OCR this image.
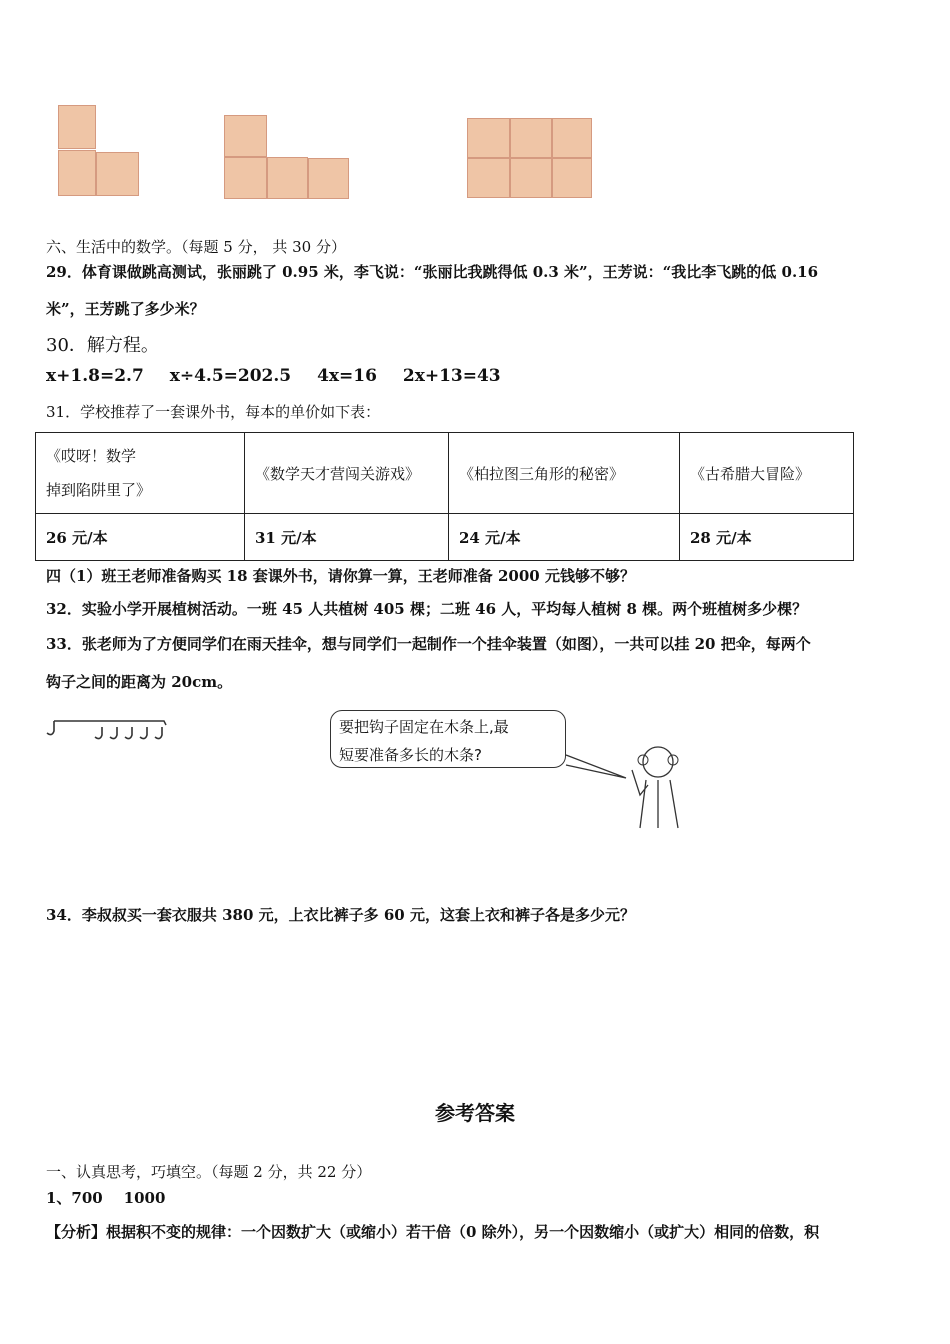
六、生活中的数学。（每题 5 分， 共 30 分）
29．体育课做跳高测试，张丽跳了 0.95 米，李飞说：“张丽比我跳得低 0.3 米”，王芳说：“我比李飞跳的低 0.16
米”，王芳跳了多少米？
30．解方程。
x+1.8=2.7 x÷4.5=202.5 4x=16 2x+13=43
31．学校推荐了一套课外书，每本的单价如下表：
《哎呀！数学
掉到陷阱里了》	《数学天才营闯关游戏》	《柏拉图三角形的秘密》	《古希腊大冒险》
26 元/本	31 元/本	24 元/本	28 元/本
四（1）班王老师准备购买 18 套课外书，请你算一算，王老师准备 2000 元钱够不够？
32．实验小学开展植树活动。一班 45 人共植树 405 棵；二班 46 人，平均每人植树 8 棵。两个班植树多少棵？
33．张老师为了方便同学们在雨天挂伞，想与同学们一起制作一个挂伞装置（如图），一共可以挂 20 把伞，每两个
钩子之间的距离为 20cm。
要把钩子固定在木条上,最
短要准备多长的木条?
34．李叔叔买一套衣服共 380 元，上衣比裤子多 60 元，这套上衣和裤子各是多少元？
参考答案
一、认真思考，巧填空。（每题 2 分，共 22 分）
1、700    1000
【分析】根据积不变的规律：一个因数扩大（或缩小）若干倍（0 除外），另一个因数缩小（或扩大）相同的倍数，积
